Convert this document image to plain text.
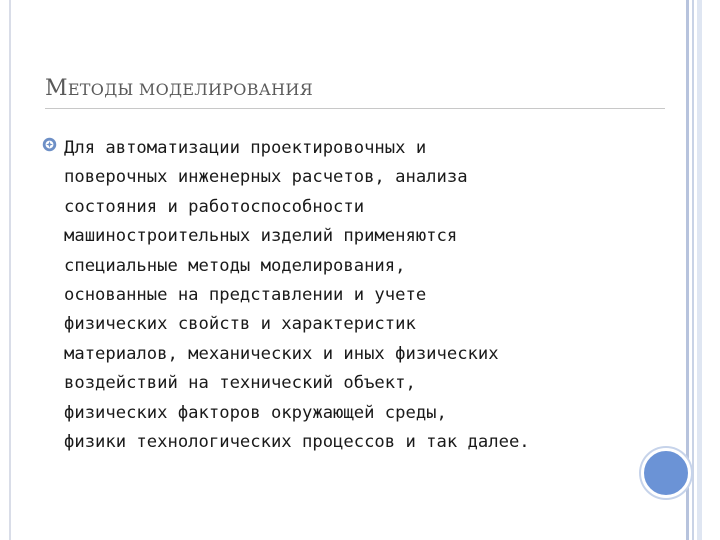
МЕТОДЫ МОДЕЛИРОВАНИЯ
Для автоматизации проектировочных и
поверочных инженерных расчетов, анализа
состояния и работоспособности
машиностроительных изделий применяются
специальные методы моделирования,
основанные на представлении и учете
физических свойств и характеристик
материалов, механических и иных физических
воздействий на технический объект,
физических факторов окружающей среды,
физики технологических процессов и так далее.
